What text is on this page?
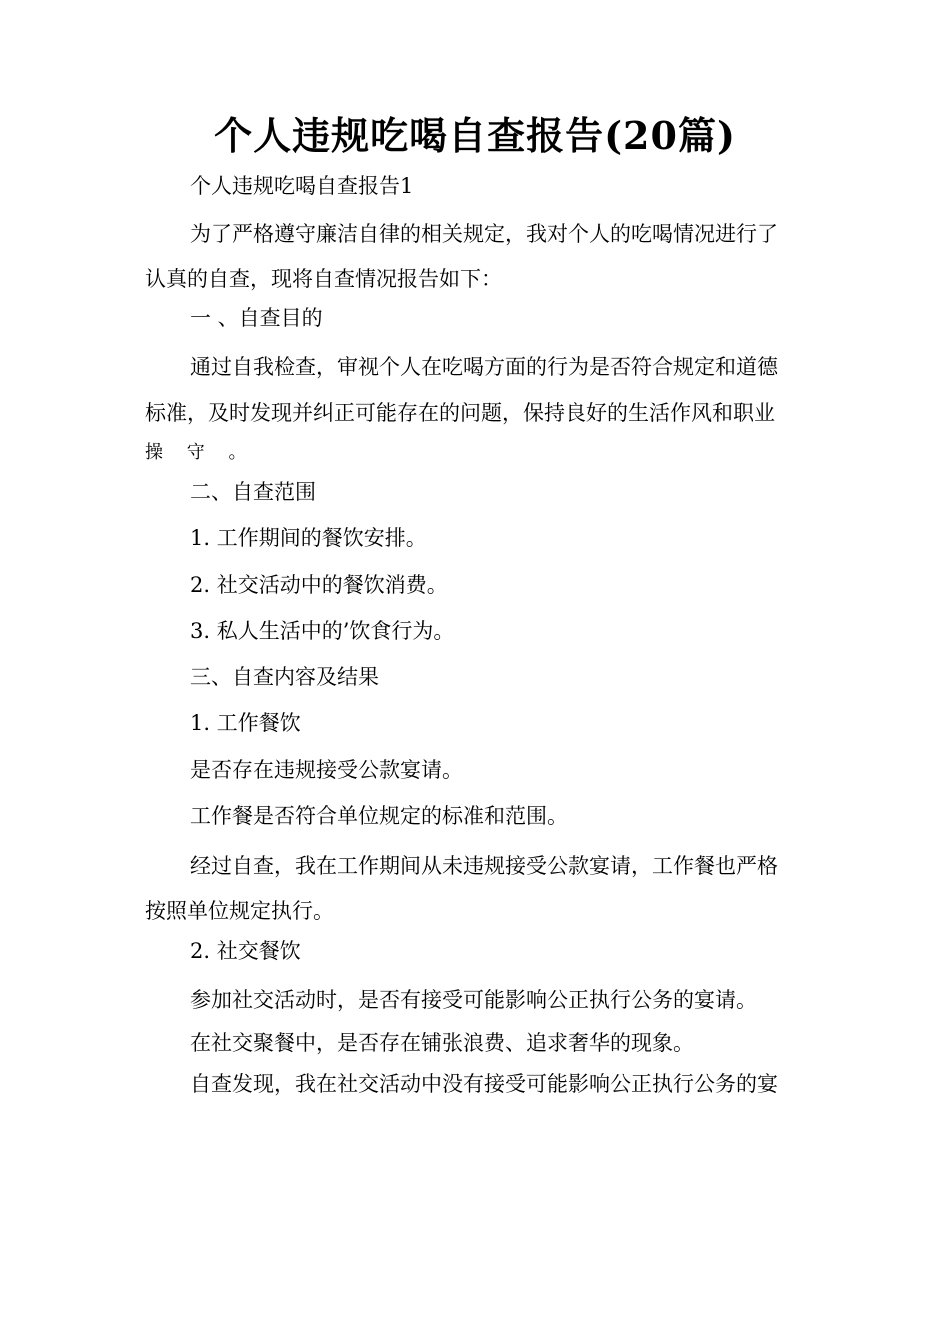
个人违规吃喝自查报告(20篇)
个人违规吃喝自查报告1
为了严格遵守廉洁自律的相关规定，我对个人的吃喝情况进行了
认真的自查，现将自查情况报告如下：
一 、自查目的
通过自我检查，审视个人在吃喝方面的行为是否符合规定和道德
标准，及时发现并纠正可能存在的问题，保持良好的生活作风和职业
操 守 。
二、自查范围
1. 工作期间的餐饮安排。
2. 社交活动中的餐饮消费。
3. 私人生活中的’饮食行为。
三、自查内容及结果
1. 工作餐饮
是否存在违规接受公款宴请。
工作餐是否符合单位规定的标准和范围。
经过自查，我在工作期间从未违规接受公款宴请，工作餐也严格
按照单位规定执行。
2. 社交餐饮
参加社交活动时，是否有接受可能影响公正执行公务的宴请。
在社交聚餐中，是否存在铺张浪费、追求奢华的现象。
自查发现，我在社交活动中没有接受可能影响公正执行公务的宴
